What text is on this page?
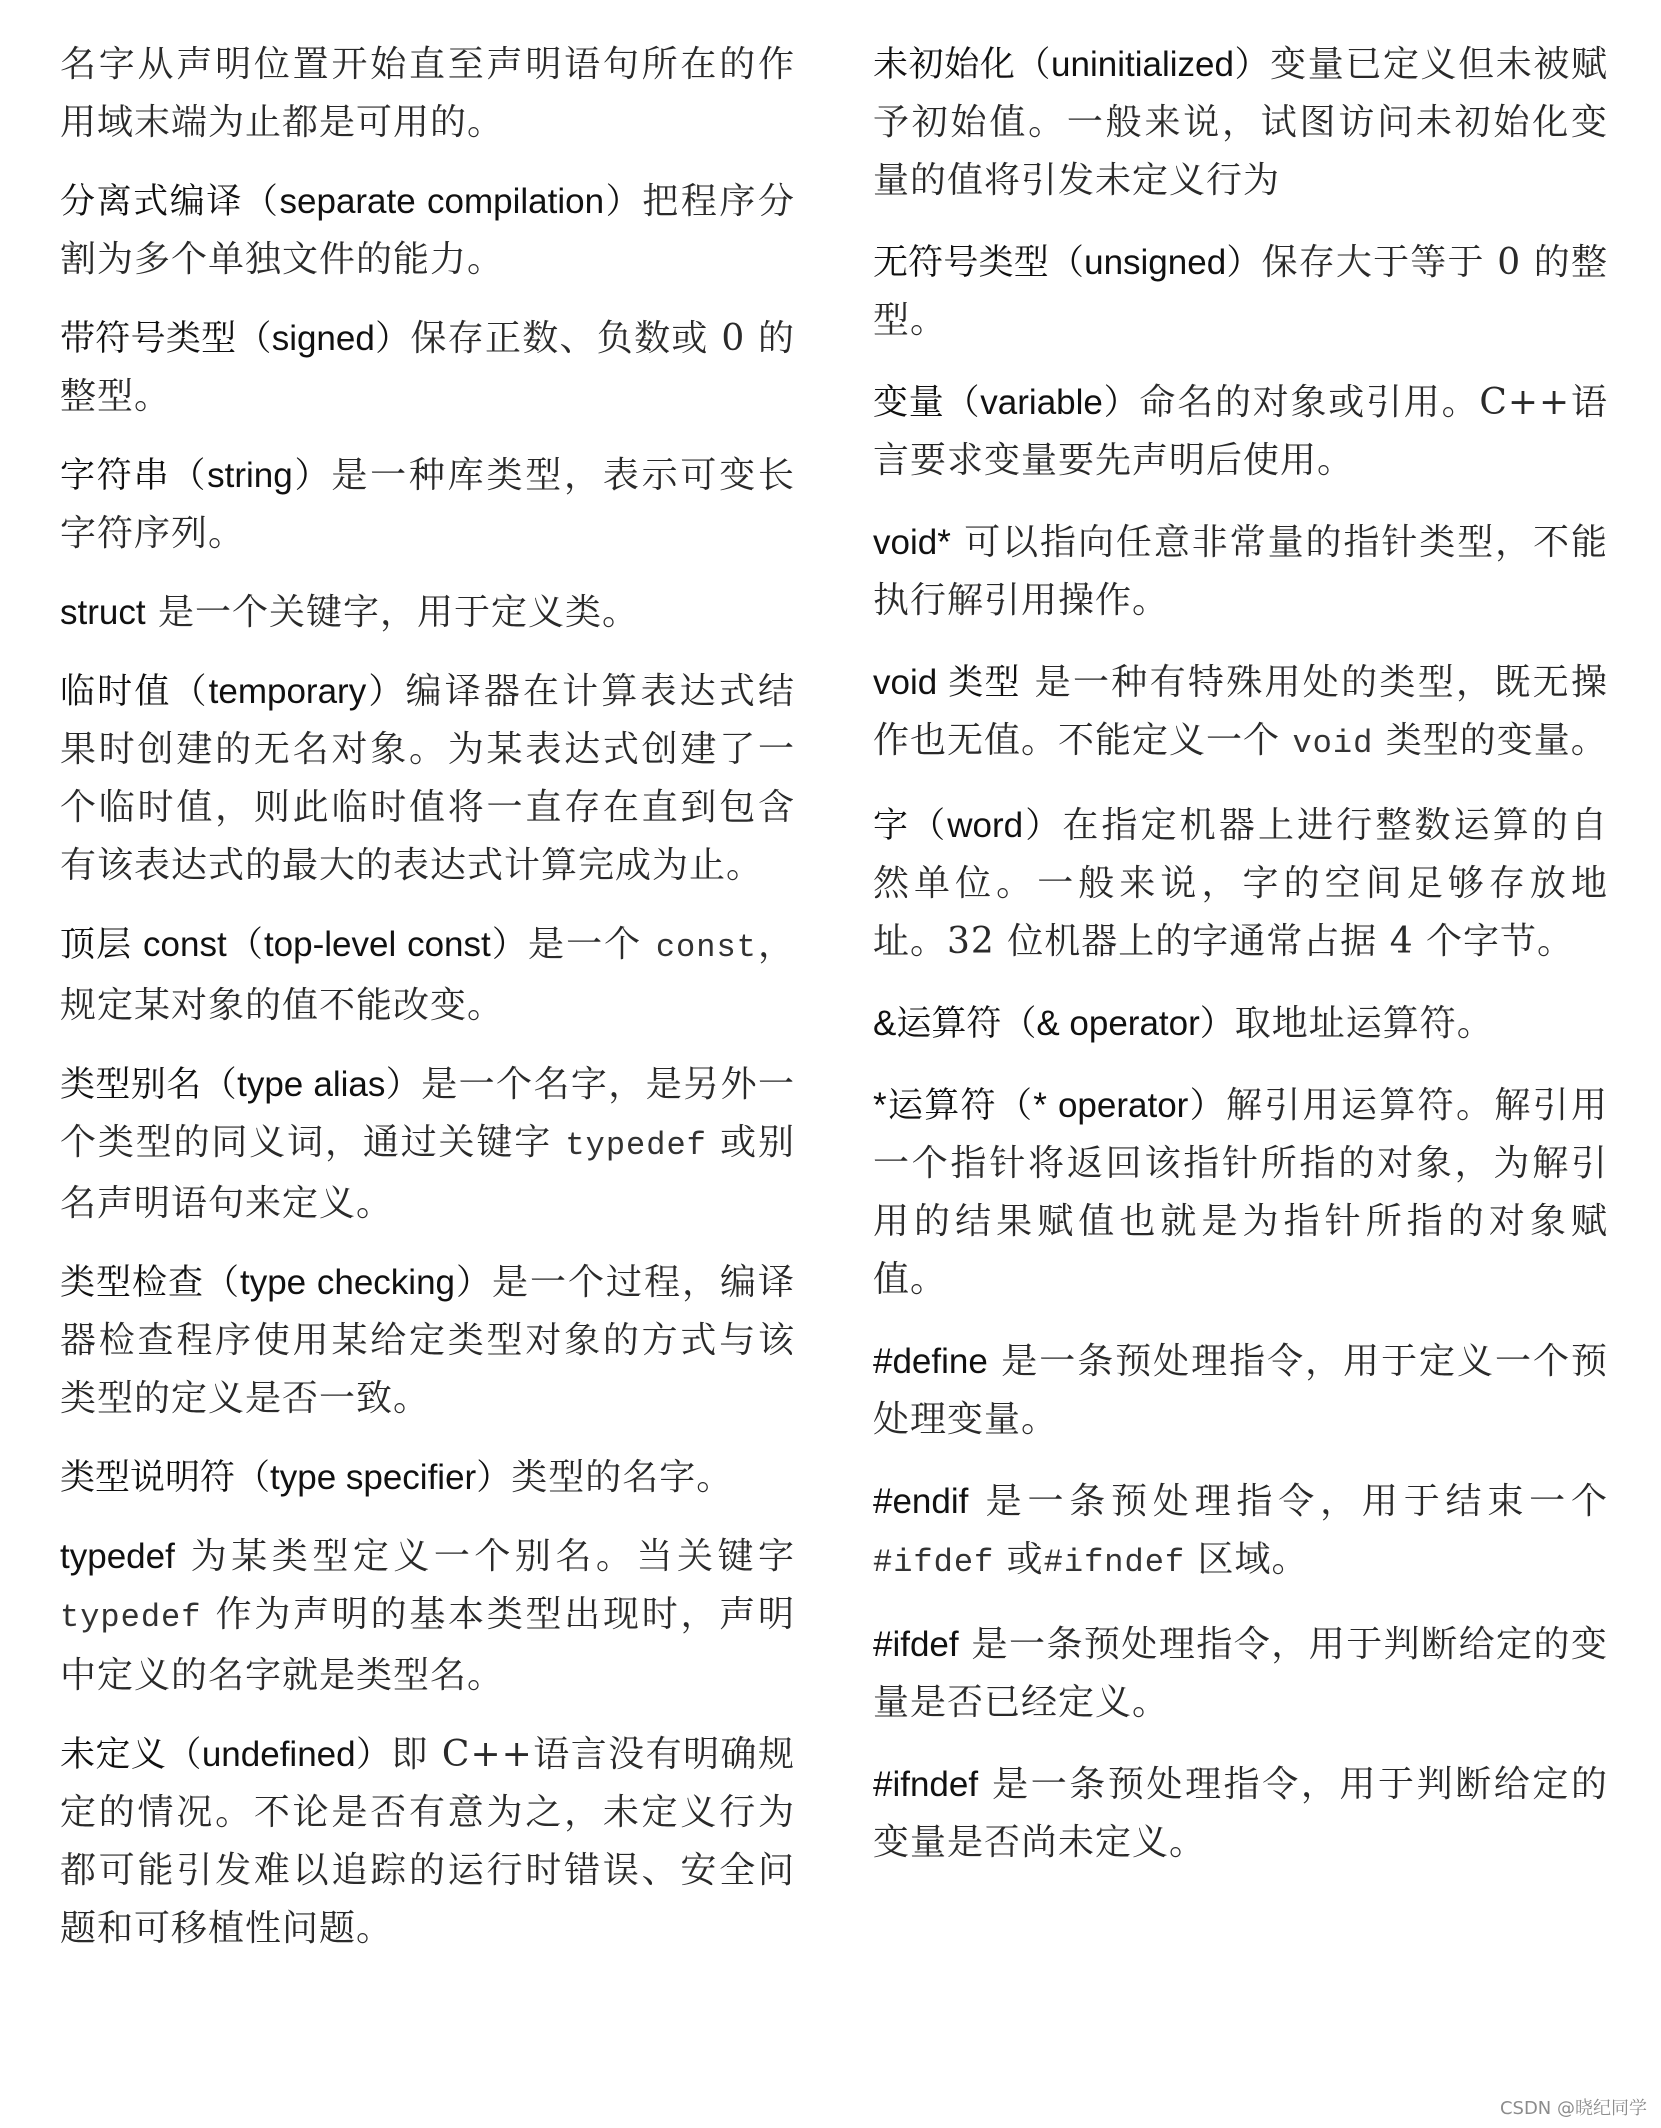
名字从声明位置开始直至声明语句所在的作用域末端为止都是可用的。

分离式编译（separate compilation）把程序分割为多个单独文件的能力。

带符号类型（signed）保存正数、负数或 0 的整型。

字符串（string）是一种库类型，表示可变长字符序列。

struct 是一个关键字，用于定义类。

临时值（temporary）编译器在计算表达式结果时创建的无名对象。为某表达式创建了一个临时值，则此临时值将一直存在直到包含有该表达式的最大的表达式计算完成为止。

顶层 const（top-level const）是一个 const，规定某对象的值不能改变。

类型别名（type alias）是一个名字，是另外一个类型的同义词，通过关键字 typedef 或别名声明语句来定义。

类型检查（type checking）是一个过程，编译器检查程序使用某给定类型对象的方式与该类型的定义是否一致。

类型说明符（type specifier）类型的名字。

typedef 为某类型定义一个别名。当关键字 typedef 作为声明的基本类型出现时，声明中定义的名字就是类型名。

未定义（undefined）即 C++语言没有明确规定的情况。不论是否有意为之，未定义行为都可能引发难以追踪的运行时错误、安全问题和可移植性问题。

未初始化（uninitialized）变量已定义但未被赋予初始值。一般来说，试图访问未初始化变量的值将引发未定义行为

无符号类型（unsigned）保存大于等于 0 的整型。

变量（variable）命名的对象或引用。C++语言要求变量要先声明后使用。

void* 可以指向任意非常量的指针类型，不能执行解引用操作。

void 类型 是一种有特殊用处的类型，既无操作也无值。不能定义一个 void 类型的变量。

字（word）在指定机器上进行整数运算的自然单位。一般来说，字的空间足够存放地址。32 位机器上的字通常占据 4 个字节。

&运算符（& operator）取地址运算符。

*运算符（* operator）解引用运算符。解引用一个指针将返回该指针所指的对象，为解引用的结果赋值也就是为指针所指的对象赋值。

#define 是一条预处理指令，用于定义一个预处理变量。

#endif 是一条预处理指令，用于结束一个 #ifdef 或#ifndef 区域。

#ifdef 是一条预处理指令，用于判断给定的变量是否已经定义。

#ifndef 是一条预处理指令，用于判断给定的变量是否尚未定义。

CSDN @晓纪同学
